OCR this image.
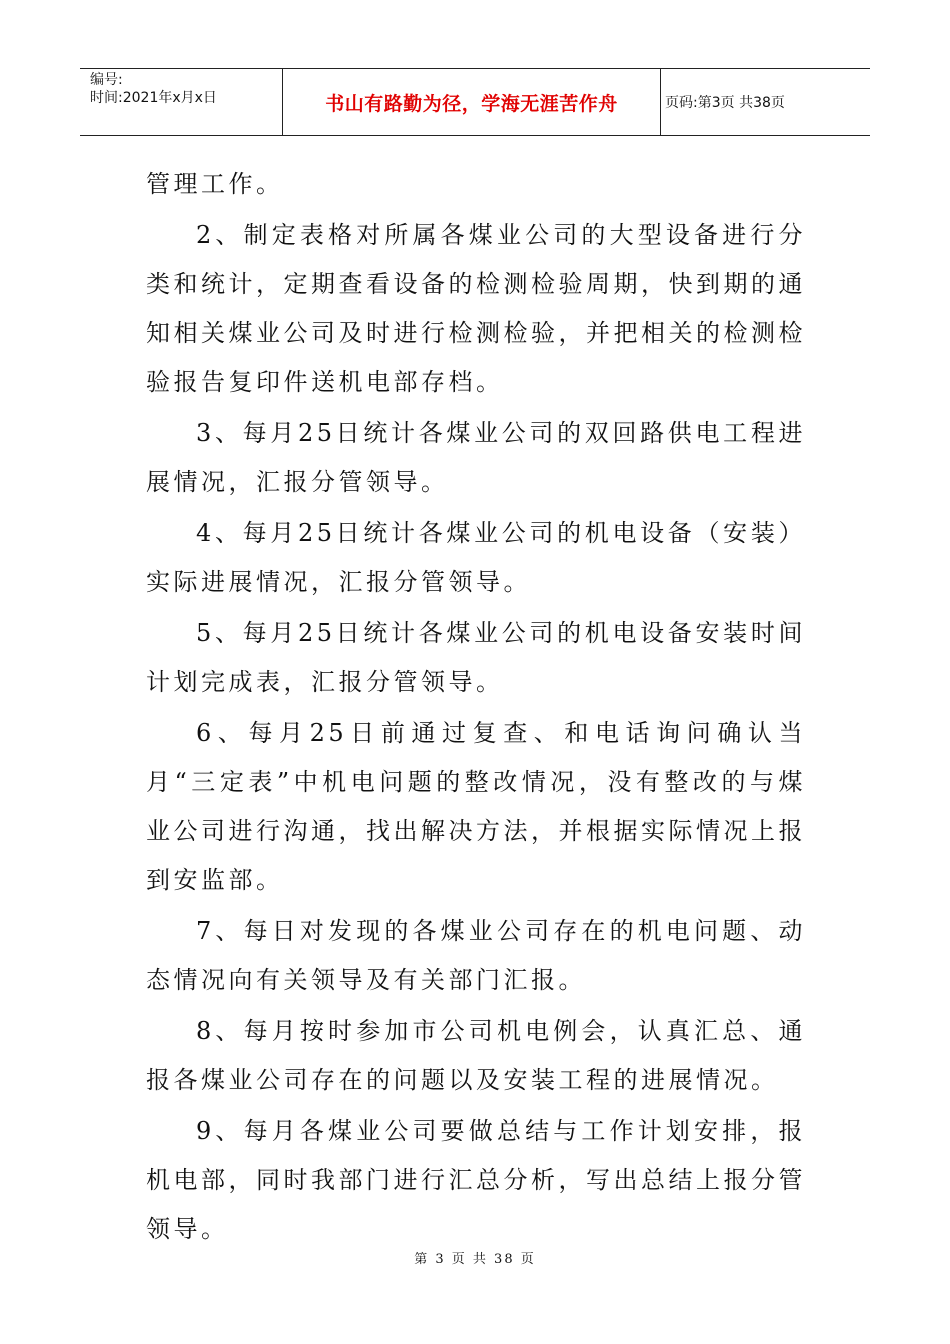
编号:
时间:2021年x月x日	书山有路勤为径，学海无涯苦作舟	页码:第3页 共38页

管理工作。

2、制定表格对所属各煤业公司的大型设备进行分类和统计，定期查看设备的检测检验周期，快到期的通知相关煤业公司及时进行检测检验，并把相关的检测检验报告复印件送机电部存档。

3、每月25日统计各煤业公司的双回路供电工程进展情况，汇报分管领导。

4、每月25日统计各煤业公司的机电设备（安装）实际进展情况，汇报分管领导。

5、每月25日统计各煤业公司的机电设备安装时间计划完成表，汇报分管领导。

6、每月25日前通过复查、和电话询问确认当月“三定表”中机电问题的整改情况，没有整改的与煤业公司进行沟通，找出解决方法，并根据实际情况上报到安监部。

7、每日对发现的各煤业公司存在的机电问题、动态情况向有关领导及有关部门汇报。

8、每月按时参加市公司机电例会，认真汇总、通报各煤业公司存在的问题以及安装工程的进展情况。

9、每月各煤业公司要做总结与工作计划安排，报机电部，同时我部门进行汇总分析，写出总结上报分管领导。

第 3 页 共 38 页
